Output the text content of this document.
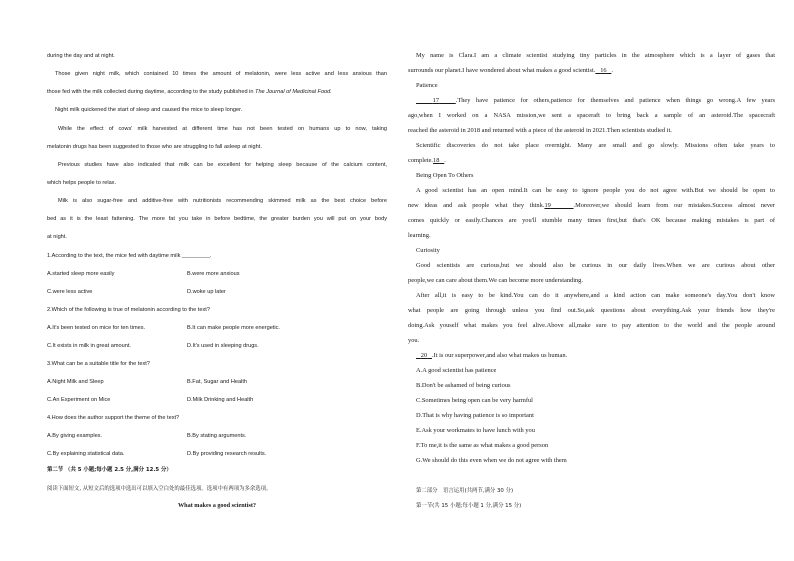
during the day and at night.
Those given night milk, which contained 10 times the amount of melatonin, were less active and less anxious than
those fed with the milk collected during daytime, according to the study published in The Journal of Medicinal Food.
Night milk quickened the start of sleep and caused the mice to sleep longer.
While the effect of cows' milk harvested at different time has not been tested on humans up to now, taking
melatonin drugs has been suggested to those who are struggling to fall asleep at night.
Previous studies have also indicated that milk can be excellent for helping sleep because of the calcium content,
which helps people to relax.
Milk is also sugar-free and additive-free with nutritionists recommending skimmed milk as the best choice before
bed as it is the least fattening. The more fat you take in before bedtime, the greater burden you will put on your body
at night.
1.According to the text, the mice fed with daytime milk _________.
A.started sleep more easily	B.were more anxious
C.were less active	D.woke up later
2.Which of the following is true of melatonin according to the text?
A.It's been tested on mice for ten times.	B.It can make people more energetic.
C.It exists in milk in great amount.	D.It's used in sleeping drugs.
3.What can be a suitable title for the text?
A.Night Milk and Sleep	B.Fat, Sugar and Health
C.An Experiment on Mice	D.Milk Drinking and Health
4.How does the author support the theme of the text?
A.By giving examples.	B.By stating arguments.
C.By explaining statistical data.	D.By providing research results.
第二节 （共 5 小题;每小题 2.5 分,满分 12.5 分）
阅读下面短文, 从短文后的选项中选出可以填入空白处的最佳选项。选项中有两项为多余选项。
What makes a good scientist?
My name is Clara.I am a climate scientist studying tiny particles in the atmosphere which is a layer of gases that
surrounds our planet.I have wondered about what makes a good scientist. 16 .
Patience
17	.They have patience for others,patience for themselves and patience when things go wrong.A few years
ago,when I worked on a NASA mission,we sent a spaceraft to bring back a sample of an asteroid.The spacecraft
reached the asteroid in 2018 and returned with a piece of the asteroid in 2021.Then scientists studied it.
Scientific discoveries do not take place overnight. Many are small and go slowly. Missions often take years to
complete.18 .
Being Open To Others
A good scientist has an open mind.It can be easy to ignore people you do not agree with.But we should be open to
new ideas and ask people what they think.19	.Moreover,we should learn from our mistakes.Success almost never
comes quickly or easily.Chances are you'll stumble many times first,but that's OK because making mistakes is part of
learning.
Curiosity
Good scientists are curious,but we should also be curious in our daily lives.When we are curious about other
people,we can care about them.We can become more understanding.
After all,it is easy to be kind.You can do it anywhere,and a kind action can make someone's day.You don't know
what people are going through unless you find out.So,ask questions about everything.Ask your friends how they're
doing.Ask youself what makes you feel alive.Above all,make sure to pay attention to the world and the people around
you.
20 .It is our superpower,and also what makes us human.
A.A good scientist has patience
B.Don't be ashamed of being curious
C.Sometimes being open can be very harmful
D.That is why having patience is so important
E.Ask your workmates to have lunch with you
F.To me,it is the same as what makes a good person
G.We should do this even when we do not agree with them
第二部分　语言运用(共两节,满分 30 分)
第一节(共 15 小题;每小题 1 分,满分 15 分)
